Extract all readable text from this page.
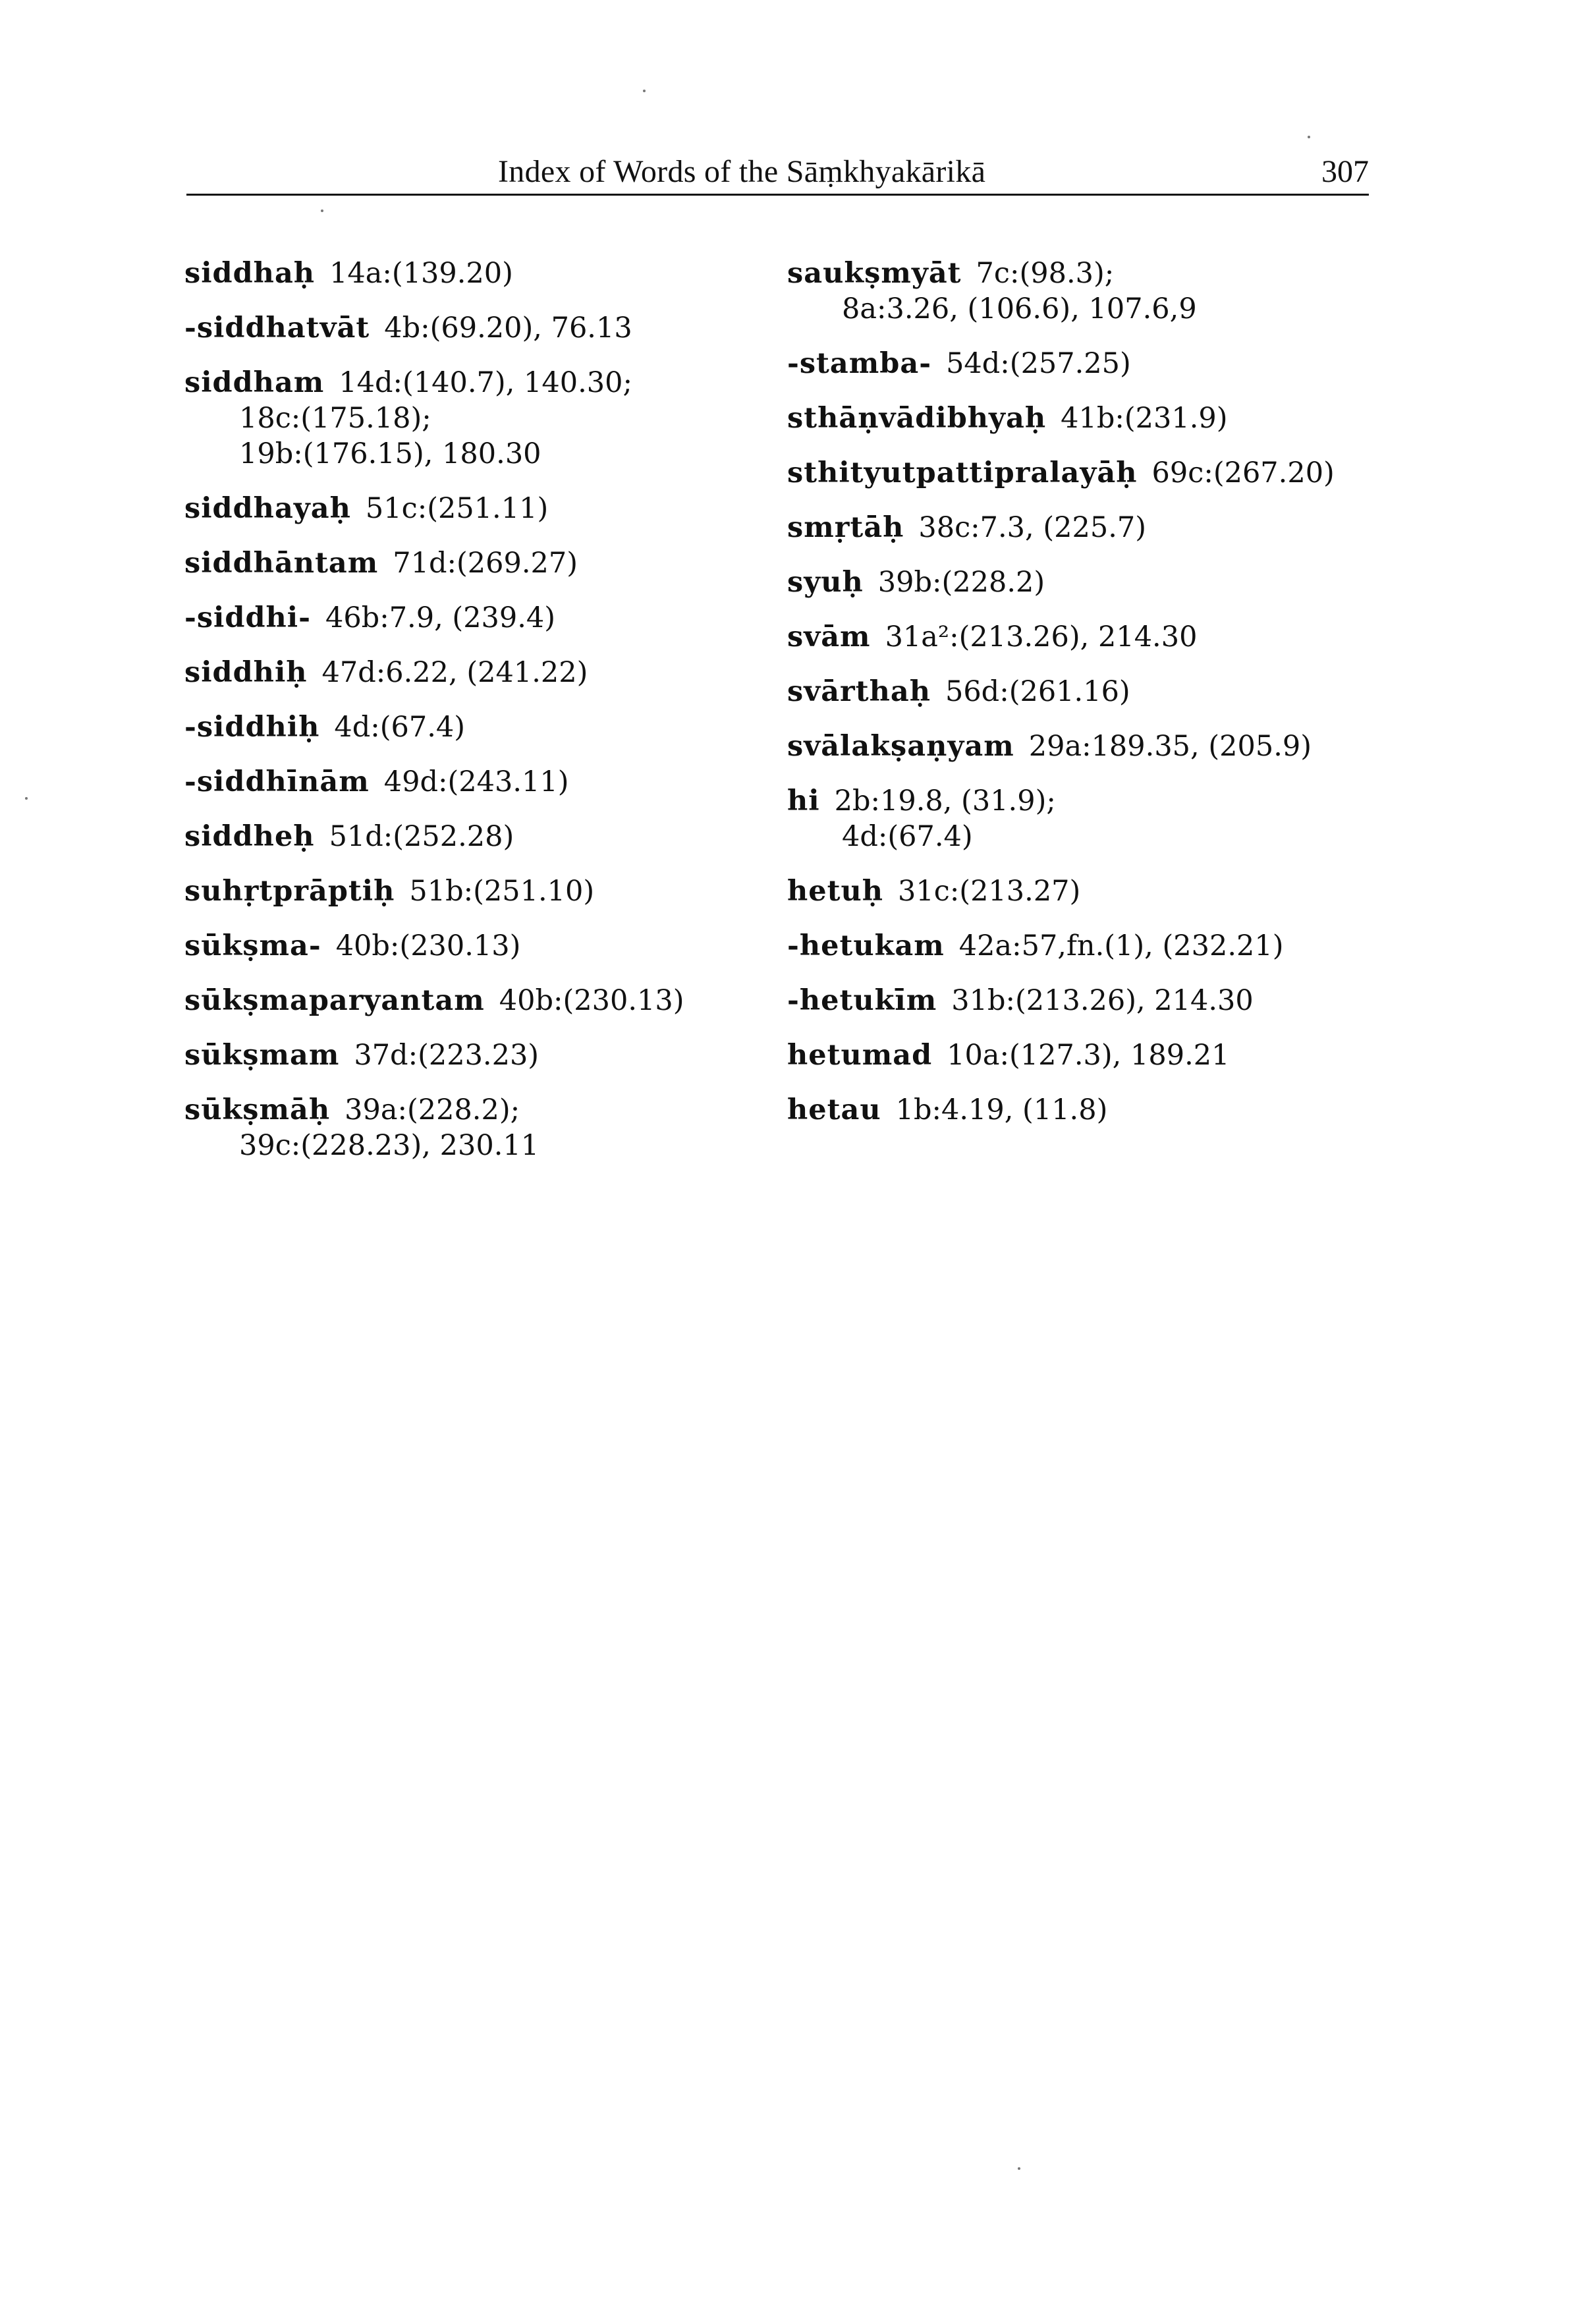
Index of Words of the Sāṃkhyakārikā	307
siddhaḥ 14a:(139.20)
-siddhatvāt 4b:(69.20), 76.13
siddham 14d:(140.7), 140.30;
18c:(175.18);
19b:(176.15), 180.30
siddhayaḥ 51c:(251.11)
siddhāntam 71d:(269.27)
-siddhi- 46b:7.9, (239.4)
siddhiḥ 47d:6.22, (241.22)
-siddhiḥ 4d:(67.4)
-siddhīnām 49d:(243.11)
siddheḥ 51d:(252.28)
suhṛtprāptiḥ 51b:(251.10)
sūkṣma- 40b:(230.13)
sūkṣmaparyantam 40b:(230.13)
sūkṣmam 37d:(223.23)
sūkṣmāḥ 39a:(228.2);
39c:(228.23), 230.11
saukṣmyāt 7c:(98.3);
8a:3.26, (106.6), 107.6,9
-stamba- 54d:(257.25)
sthāṇvādibhyaḥ 41b:(231.9)
sthityutpattipralayāḥ 69c:(267.20)
smṛtāḥ 38c:7.3, (225.7)
syuḥ 39b:(228.2)
svām 31a²:(213.26), 214.30
svārthaḥ 56d:(261.16)
svālakṣaṇyam 29a:189.35, (205.9)
hi 2b:19.8, (31.9);
4d:(67.4)
hetuḥ 31c:(213.27)
-hetukam 42a:57,fn.(1), (232.21)
-hetukīm 31b:(213.26), 214.30
hetumad 10a:(127.3), 189.21
hetau 1b:4.19, (11.8)
